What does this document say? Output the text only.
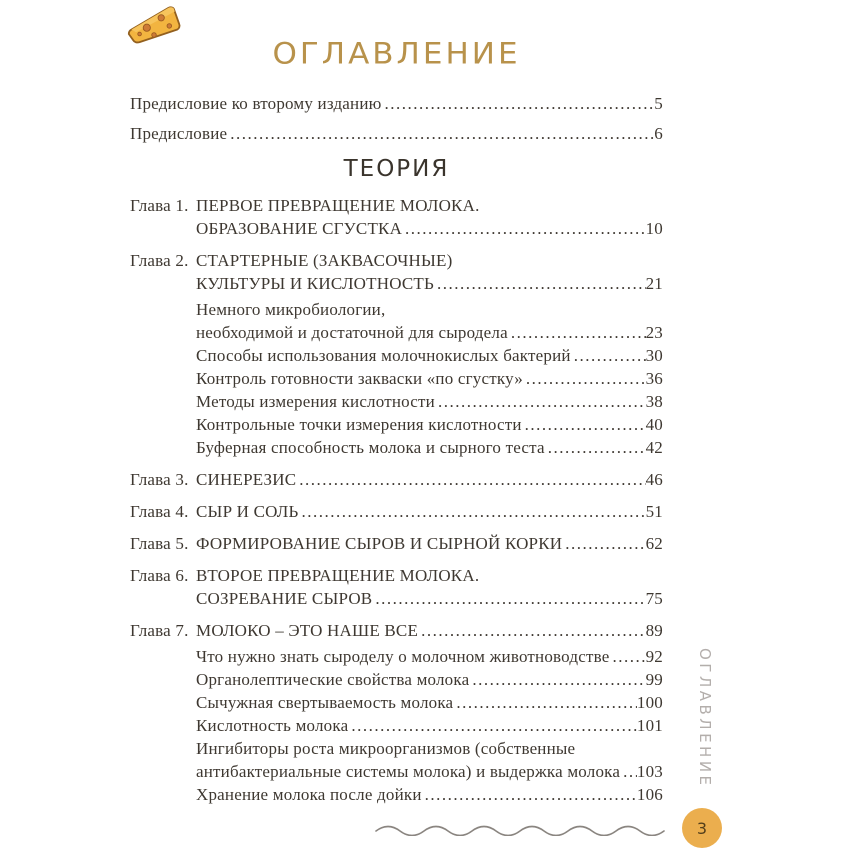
ОГЛАВЛЕНИЕ
Предисловие ко второму изданию .....	5
Предисловие .....	6
ТЕОРИЯ
Глава 1. ПЕРВОЕ ПРЕВРАЩЕНИЕ МОЛОКА.
ОБРАЗОВАНИЕ СГУСТКА .....	10
Глава 2. СТАРТЕРНЫЕ (ЗАКВАСОЧНЫЕ)
КУЛЬТУРЫ И КИСЛОТНОСТЬ .....	21
Немного микробиологии,
необходимой и достаточной для сыродела .....	23
Способы использования молочнокислых бактерий .....	30
Контроль готовности закваски «по сгустку» .....	36
Методы измерения кислотности .....	38
Контрольные точки измерения кислотности .....	40
Буферная способность молока и сырного теста .....	42
Глава 3. СИНЕРЕЗИС .....	46
Глава 4. СЫР И СОЛЬ .....	51
Глава 5. ФОРМИРОВАНИЕ СЫРОВ И СЫРНОЙ КОРКИ .....	62
Глава 6. ВТОРОЕ ПРЕВРАЩЕНИЕ МОЛОКА.
СОЗРЕВАНИЕ СЫРОВ .....	75
Глава 7. МОЛОКО – ЭТО НАШЕ ВСЕ .....	89
Что нужно знать сыроделу о молочном животноводстве ..... 92
Органолептические свойства молока .....	99
Сычужная свертываемость молока .....	100
Кислотность молока .....	101
Ингибиторы роста микроорганизмов (собственные
антибактериальные системы молока) и выдержка молока ..... 103
Хранение молока после дойки .....	106
ОГЛАВЛЕНИЕ
3
